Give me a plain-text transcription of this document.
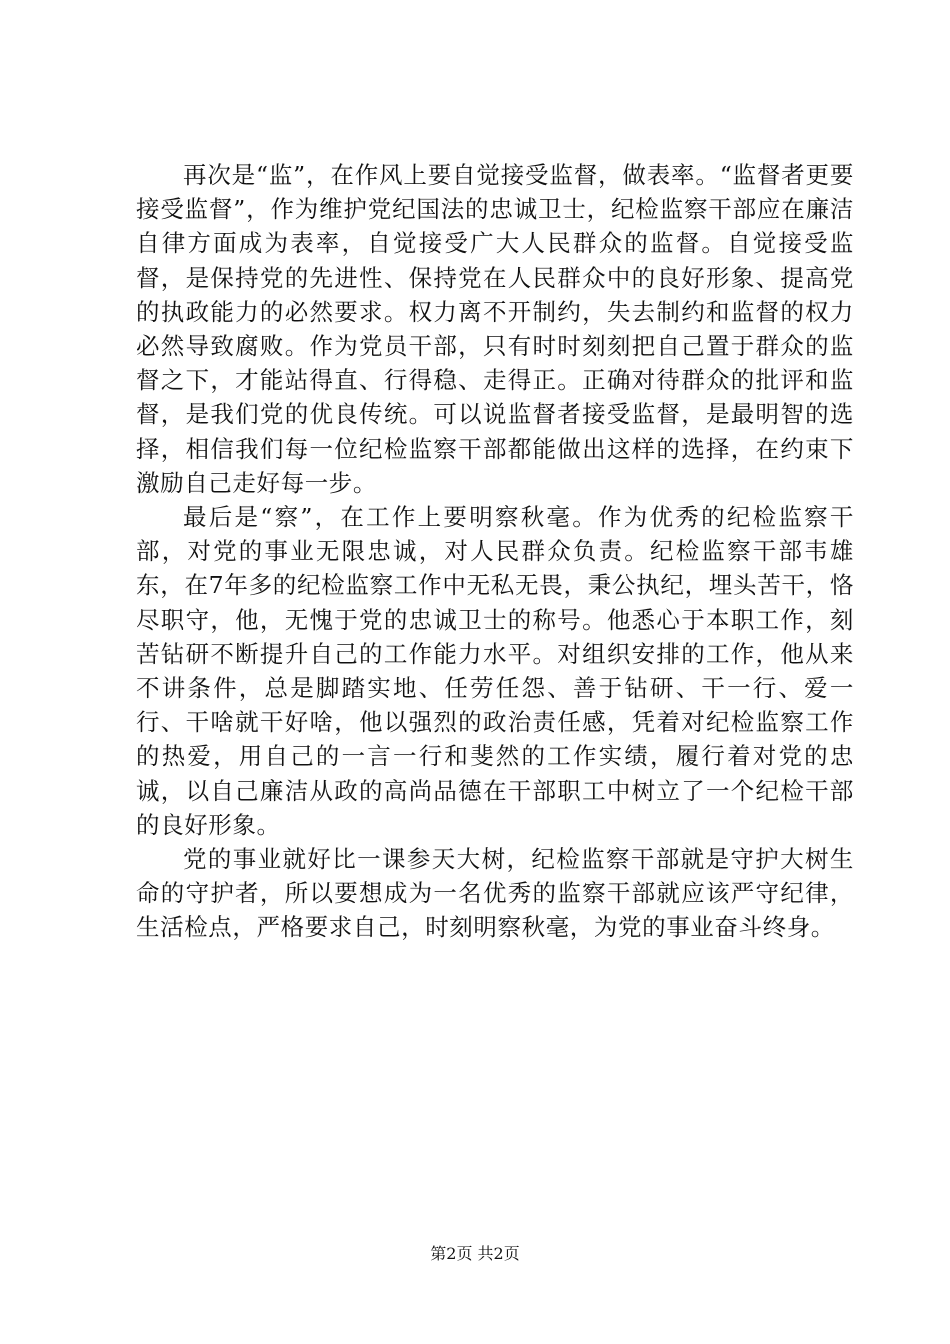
再次是“监”，在作风上要自觉接受监督，做表率。“监督者更要接受监督”，作为维护党纪国法的忠诚卫士，纪检监察干部应在廉洁自律方面成为表率，自觉接受广大人民群众的监督。自觉接受监督，是保持党的先进性、保持党在人民群众中的良好形象、提高党的执政能力的必然要求。权力离不开制约，失去制约和监督的权力必然导致腐败。作为党员干部，只有时时刻刻把自己置于群众的监督之下，才能站得直、行得稳、走得正。正确对待群众的批评和监督，是我们党的优良传统。可以说监督者接受监督，是最明智的选择，相信我们每一位纪检监察干部都能做出这样的选择，在约束下激励自己走好每一步。

最后是“察”，在工作上要明察秋毫。作为优秀的纪检监察干部，对党的事业无限忠诚，对人民群众负责。纪检监察干部韦雄东，在7年多的纪检监察工作中无私无畏，秉公执纪，埋头苦干，恪尽职守，他，无愧于党的忠诚卫士的称号。他悉心于本职工作，刻苦钻研不断提升自己的工作能力水平。对组织安排的工作，他从来不讲条件，总是脚踏实地、任劳任怨、善于钻研、干一行、爱一行、干啥就干好啥，他以强烈的政治责任感，凭着对纪检监察工作的热爱，用自己的一言一行和斐然的工作实绩，履行着对党的忠诚，以自己廉洁从政的高尚品德在干部职工中树立了一个纪检干部的良好形象。

党的事业就好比一课参天大树，纪检监察干部就是守护大树生命的守护者，所以要想成为一名优秀的监察干部就应该严守纪律，生活检点，严格要求自己，时刻明察秋毫，为党的事业奋斗终身。

第2页 共2页
